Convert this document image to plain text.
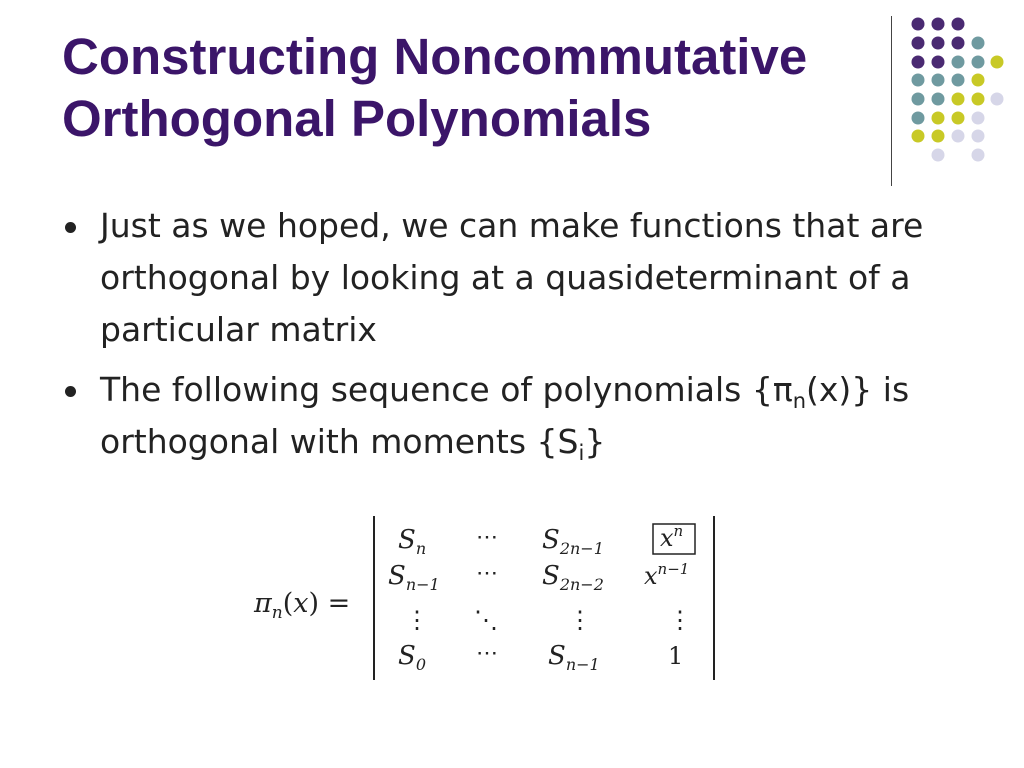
Constructing Noncommutative
Orthogonal Polynomials
Just as we hoped, we can make functions that are orthogonal by looking at a quasideterminant of a particular matrix
The following sequence of polynomials $\{\pi_n(x)\}$ is orthogonal with moments $\{S_i\}$
$\pi_n(x)$ =
$S_n$ ⋯ $S_{2n-1}$ $x^n$
$S_{n-1}$ ⋯ $S_{2n-2}$ $x^{n-1}$
⋮ ⋱	⋮	⋮
$S_0$ ⋯ $S_{n-1}$	1
